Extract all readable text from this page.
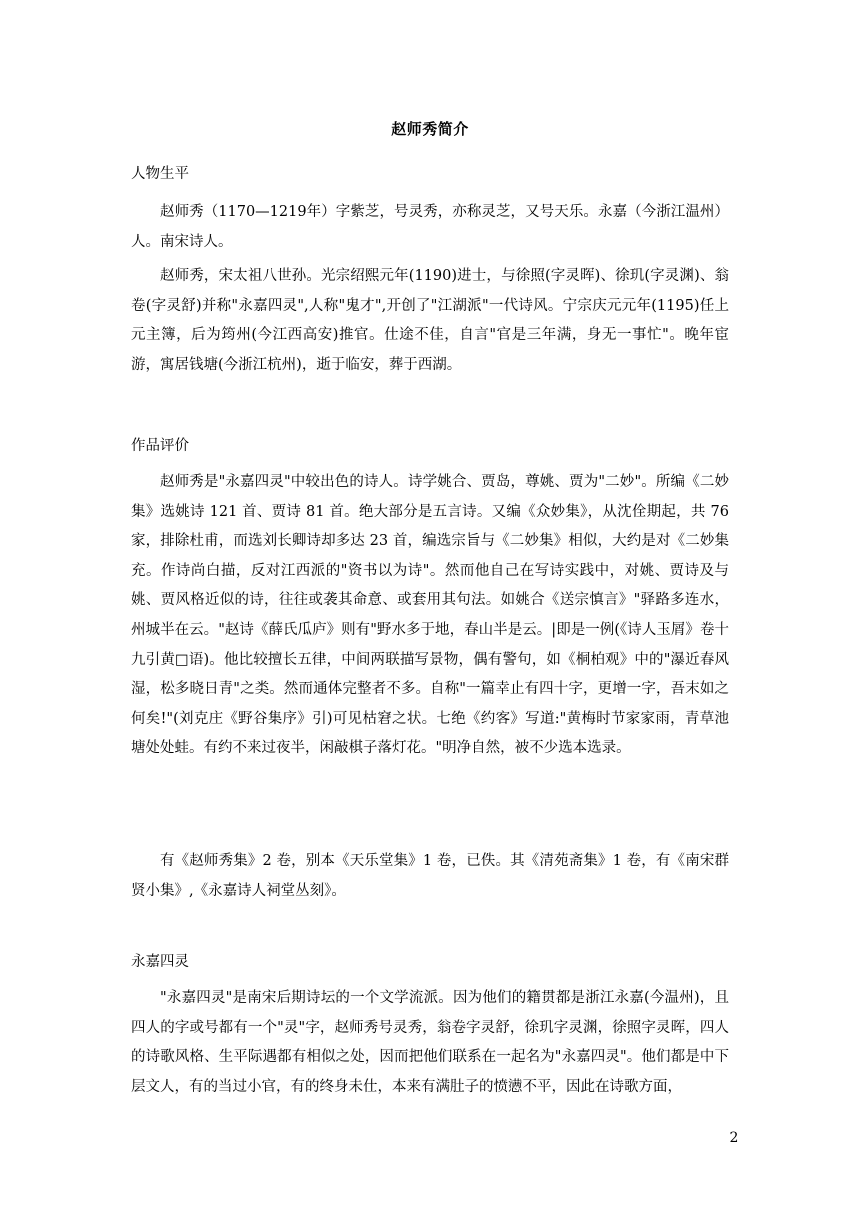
赵师秀简介
人物生平

赵师秀（1170—1219年）字紫芝，号灵秀，亦称灵芝，又号天乐。永嘉（今浙江温州）人。南宋诗人。

赵师秀，宋太祖八世孙。光宗绍熙元年(1190)进士，与徐照(字灵晖)、徐玑(字灵渊)、翁卷(字灵舒)并称"永嘉四灵",人称"鬼才",开创了"江湖派"一代诗风。宁宗庆元元年(1195)任上元主簿，后为筠州(今江西高安)推官。仕途不佳，自言"官是三年满，身无一事忙"。晚年宦游，寓居钱塘(今浙江杭州)，逝于临安，葬于西湖。

作品评价

赵师秀是"永嘉四灵"中较出色的诗人。诗学姚合、贾岛，尊姚、贾为"二妙"。所编《二妙集》选姚诗 121 首、贾诗 81 首。绝大部分是五言诗。又编《众妙集》，从沈佺期起，共 76 家，排除杜甫，而选刘长卿诗却多达 23 首，编选宗旨与《二妙集》相似，大约是对《二妙集充。作诗尚白描，反对江西派的"资书以为诗"。然而他自己在写诗实践中，对姚、贾诗及与姚、贾风格近似的诗，往往或袭其命意、或套用其句法。如姚合《送宗慎言》"驿路多连水，州城半在云。"赵诗《薛氏瓜庐》则有"野水多于地，春山半是云。|即是一例(《诗人玉屑》卷十九引黄□语)。他比较擅长五律，中间两联描写景物，偶有警句，如《桐柏观》中的"瀑近春风湿，松多晓日青"之类。然而通体完整者不多。自称"一篇幸止有四十字，更增一字，吾末如之何矣!"(刘克庄《野谷集序》引)可见枯窘之状。七绝《约客》写道:"黄梅时节家家雨，青草池塘处处蛙。有约不来过夜半，闲敲棋子落灯花。"明净自然，被不少选本选录。

有《赵师秀集》2 卷，别本《天乐堂集》1 卷，已佚。其《清苑斋集》1 卷，有《南宋群贤小集》,《永嘉诗人祠堂丛刻》。

永嘉四灵

"永嘉四灵"是南宋后期诗坛的一个文学流派。因为他们的籍贯都是浙江永嘉(今温州)，且四人的字或号都有一个"灵"字，赵师秀号灵秀，翁卷字灵舒，徐玑字灵渊，徐照字灵晖，四人的诗歌风格、生平际遇都有相似之处，因而把他们联系在一起名为"永嘉四灵"。他们都是中下层文人，有的当过小官，有的终身未仕，本来有满肚子的愤懑不平，因此在诗歌方面，

2
